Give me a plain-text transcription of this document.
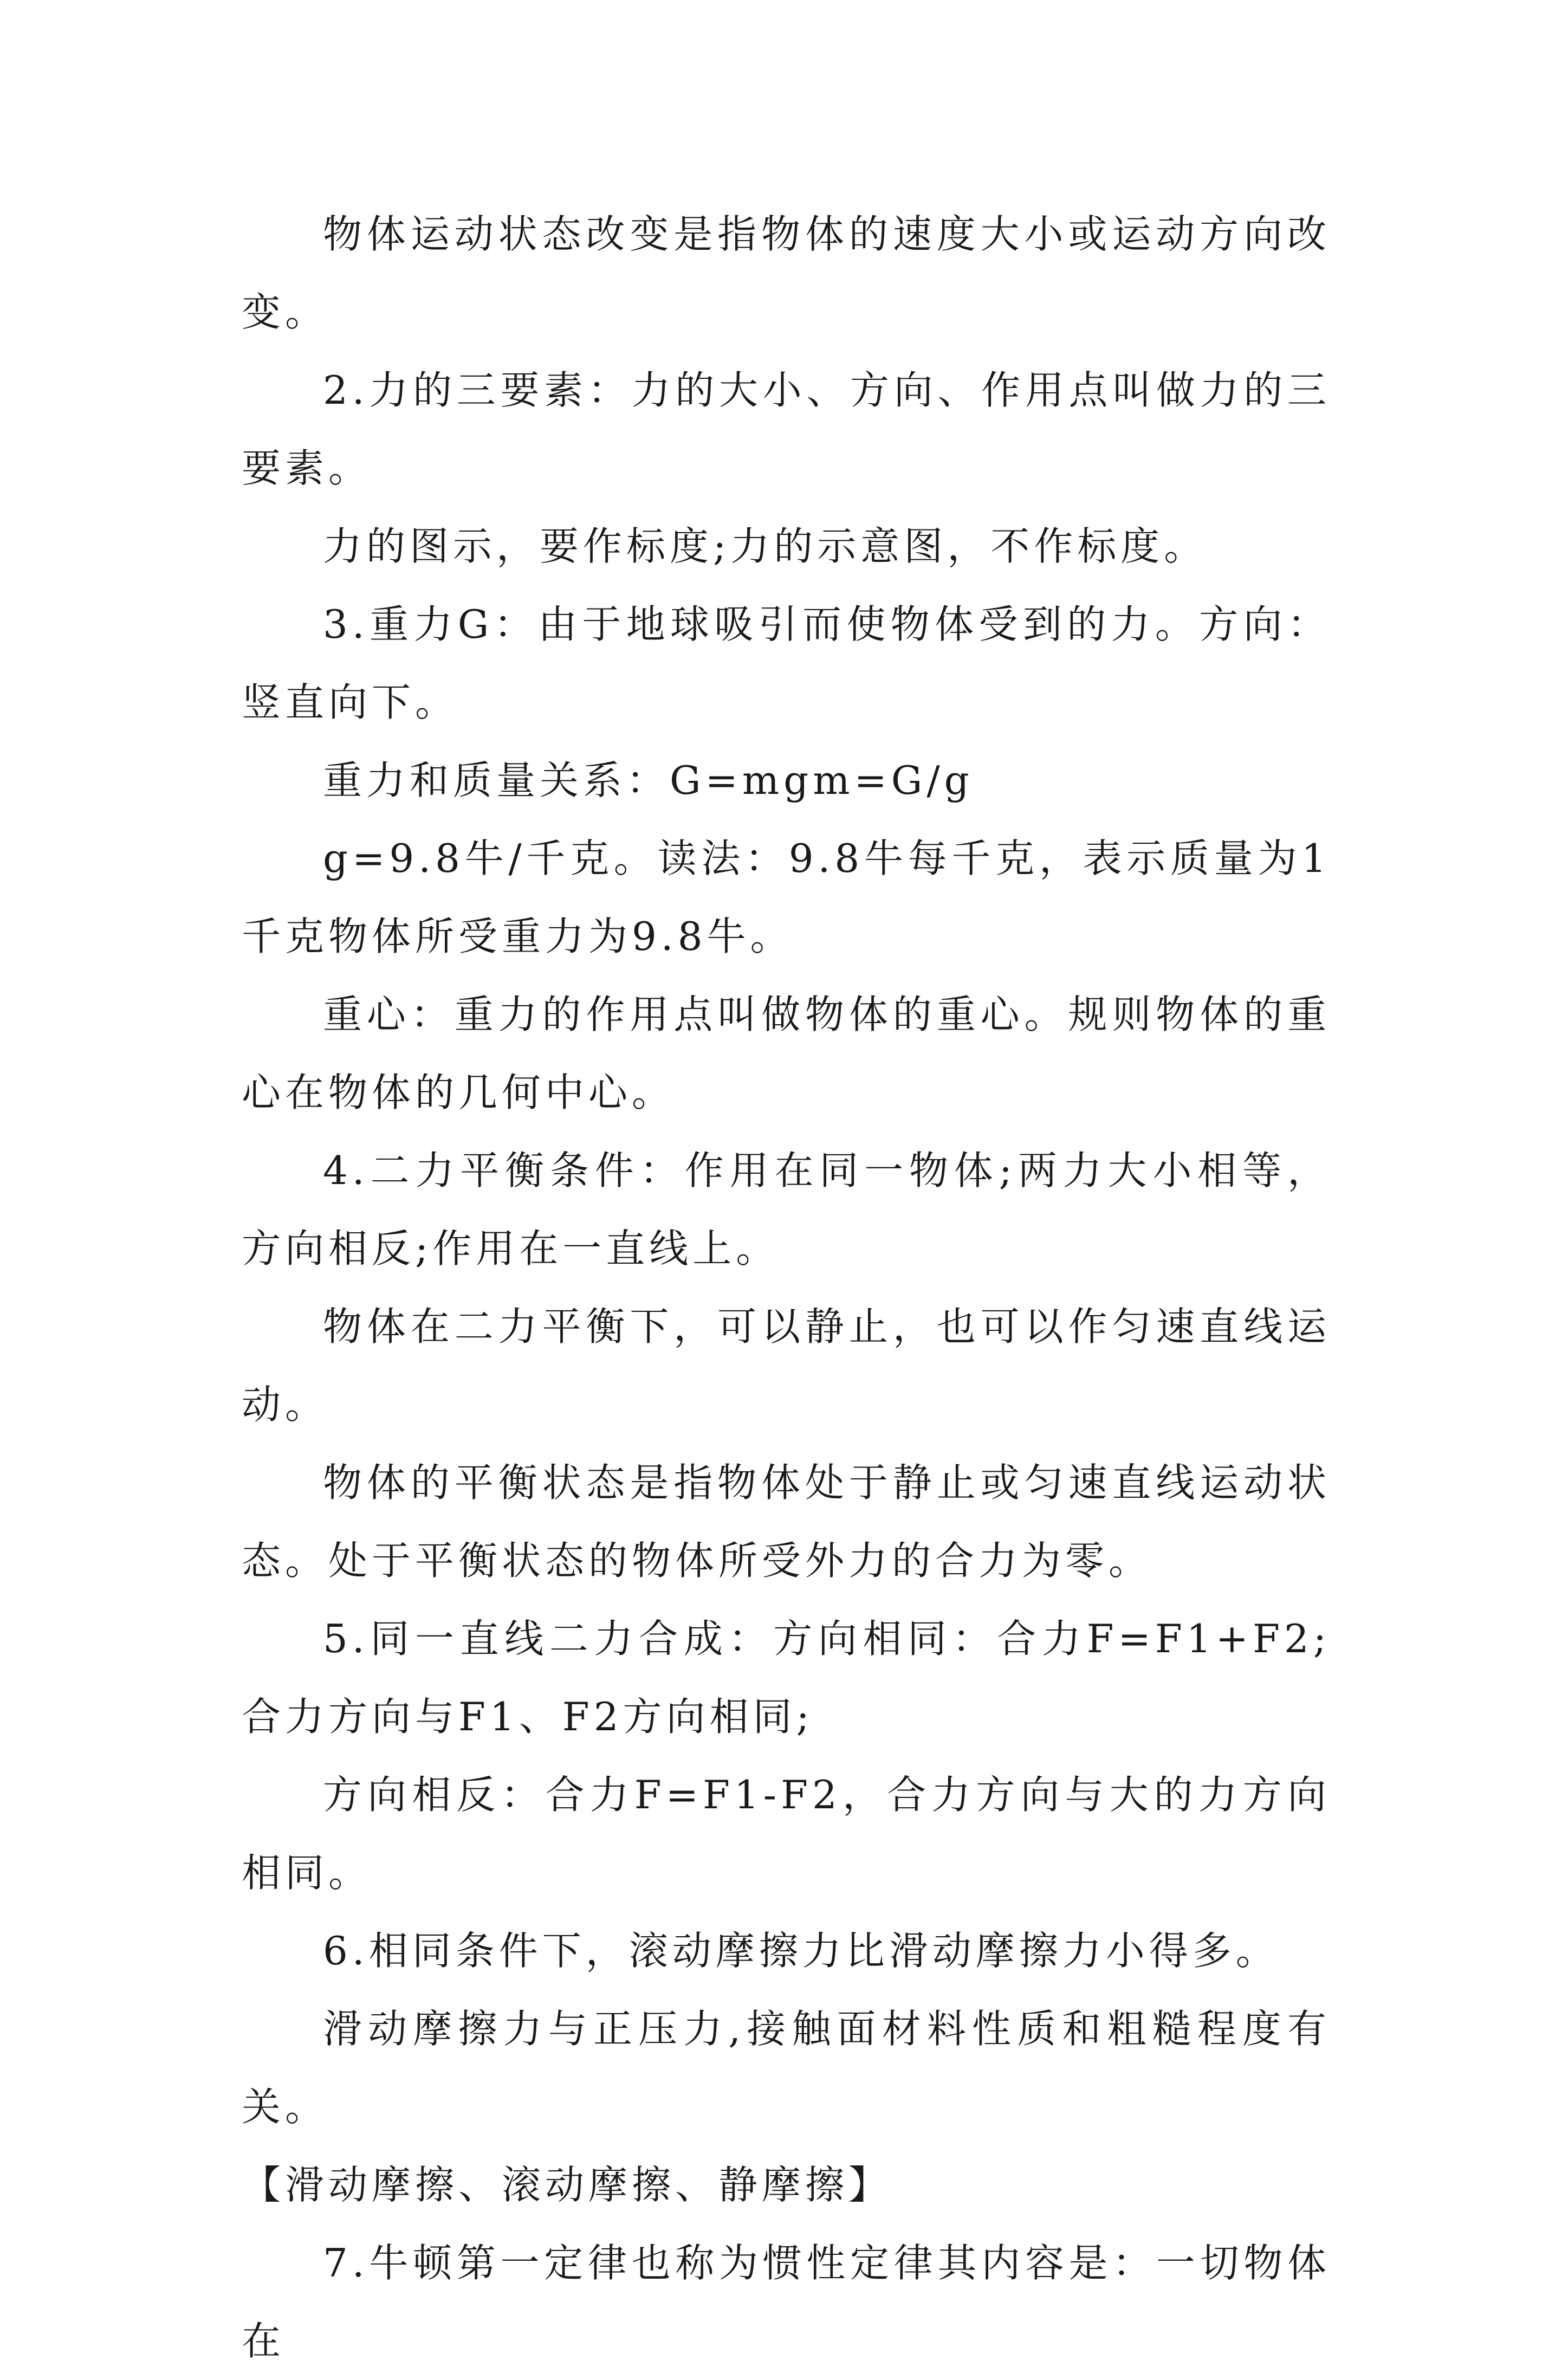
物体运动状态改变是指物体的速度大小或运动方向改变。

2.力的三要素：力的大小、方向、作用点叫做力的三要素。

力的图示，要作标度;力的示意图，不作标度。

3.重力G：由于地球吸引而使物体受到的力。方向：竖直向下。

重力和质量关系：G=mgm=G/g

g=9.8牛/千克。读法：9.8牛每千克，表示质量为1千克物体所受重力为9.8牛。

重心：重力的作用点叫做物体的重心。规则物体的重心在物体的几何中心。

4.二力平衡条件：作用在同一物体;两力大小相等，方向相反;作用在一直线上。

物体在二力平衡下，可以静止，也可以作匀速直线运动。

物体的平衡状态是指物体处于静止或匀速直线运动状态。处于平衡状态的物体所受外力的合力为零。

5.同一直线二力合成：方向相同：合力F=F1+F2;合力方向与F1、F2方向相同;

方向相反：合力F=F1-F2，合力方向与大的力方向相同。

6.相同条件下，滚动摩擦力比滑动摩擦力小得多。

滑动摩擦力与正压力,接触面材料性质和粗糙程度有关。

【滑动摩擦、滚动摩擦、静摩擦】

7.牛顿第一定律也称为惯性定律其内容是：一切物体在
